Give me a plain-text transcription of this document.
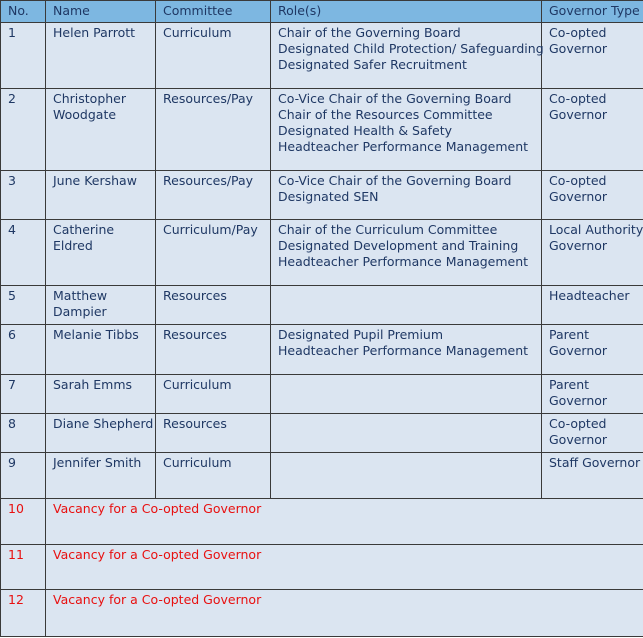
No.	Name	Committee	Role(s)	Governor Type
1	Helen Parrott	Curriculum	Chair of the Governing Board
Designated Child Protection/ Safeguarding
Designated Safer Recruitment	Co-opted
Governor

2	Christopher
Woodgate	Resources/Pay	Co-Vice Chair of the Governing Board
Chair of the Resources Committee
Designated Health & Safety
Headteacher Performance Management	Co-opted
Governor

3	June Kershaw	Resources/Pay	Co-Vice Chair of the Governing Board
Designated SEN	Co-opted
Governor

4	Catherine
Eldred	Curriculum/Pay	Chair of the Curriculum Committee
Designated Development and Training
Headteacher Performance Management	Local Authority
Governor

5	Matthew
Dampier	Resources		Headteacher

6	Melanie Tibbs	Resources	Designated Pupil Premium
Headteacher Performance Management	Parent
Governor

7	Sarah Emms	Curriculum		Parent
Governor

8	Diane Shepherd	Resources		Co-opted
Governor

9	Jennifer Smith	Curriculum		Staff Governor

10	Vacancy for a Co-opted Governor			
11	Vacancy for a Co-opted Governor			
12	Vacancy for a Co-opted Governor			
